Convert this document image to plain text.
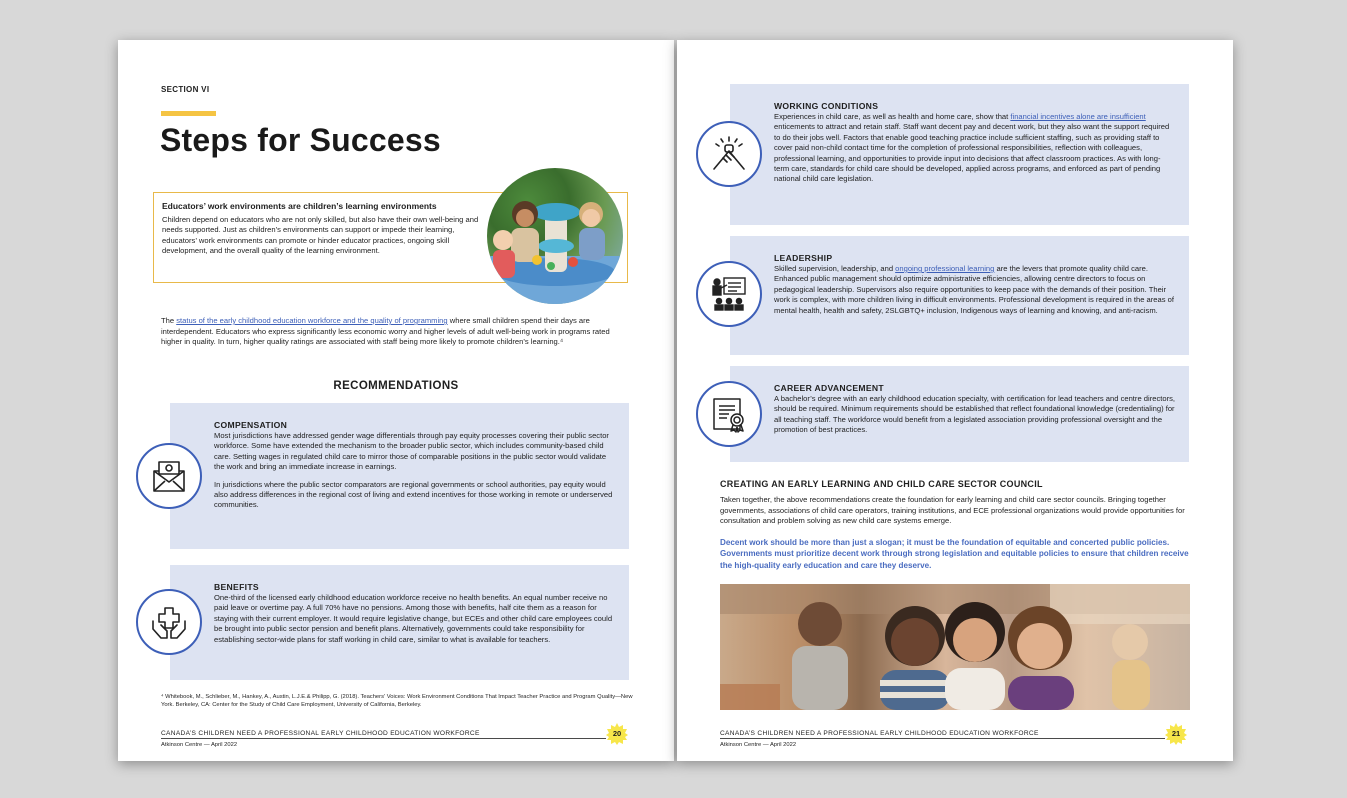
SECTION VI
Steps for Success
Educators’ work environments are children’s learning environments
Children depend on educators who are not only skilled, but also have their own well-being and needs supported. Just as children’s environments can support or impede their learning, educators’ work environments can promote or hinder educator practices, ongoing skill development, and the overall quality of the learning environment.
The status of the early childhood education workforce and the quality of programming where small children spend their days are interdependent. Educators who express significantly less economic worry and higher levels of adult well-being work in programs rated higher in quality. In turn, higher quality ratings are associated with staff being more likely to promote children’s learning.⁴
RECOMMENDATIONS
COMPENSATION
Most jurisdictions have addressed gender wage differentials through pay equity processes covering their public sector workforce. Some have extended the mechanism to the broader public sector, which includes community-based child care. Setting wages in regulated child care to mirror those of comparable positions in the public sector would validate the work and bring an immediate increase in earnings.
In jurisdictions where the public sector comparators are regional governments or school authorities, pay equity would also address differences in the regional cost of living and extend incentives for those working in remote or underserved communities.
BENEFITS
One-third of the licensed early childhood education workforce receive no health benefits. An equal number receive no paid leave or overtime pay. A full 70% have no pensions. Among those with benefits, half cite them as a reason for staying with their current employer. It would require legislative change, but ECEs and other child care employees could be brought into public sector pension and benefit plans. Alternatively, governments could take responsibility for establishing sector-wide plans for staff working in child care, similar to what is available for teachers.
⁴ Whitebook, M., Schlieber, M., Hankey, A., Austin, L.J.E.& Philipp, G. (2018). Teachers' Voices: Work Environment Conditions That Impact Teacher Practice and Program Quality—New York. Berkeley, CA: Center for the Study of Child Care Employment, University of California, Berkeley.
CANADA’S CHILDREN NEED A PROFESSIONAL EARLY CHILDHOOD EDUCATION WORKFORCE
Atkinson Centre — April 2022
20
WORKING CONDITIONS
Experiences in child care, as well as health and home care, show that financial incentives alone are insufficient enticements to attract and retain staff. Staff want decent pay and decent work, but they also want the support required to do their jobs well. Factors that enable good teaching practice include sufficient staffing, such as providing staff to cover paid non-child contact time for the completion of professional responsibilities, reflection with colleagues, professional learning, and opportunities to provide input into decisions that affect classroom practices. As with long-term care, standards for child care should be developed, applied across programs, and enforced as part of pending national child care legislation.
LEADERSHIP
Skilled supervision, leadership, and ongoing professional learning are the levers that promote quality child care. Enhanced public management should optimize administrative efficiencies, allowing centre directors to focus on pedagogical leadership. Supervisors also require opportunities to keep pace with the demands of their position. Their work is complex, with more children living in difficult environments. Professional development is required in the areas of mental health, health and safety, 2SLGBTQ+ inclusion, Indigenous ways of learning and knowing, and anti-racism.
CAREER ADVANCEMENT
A bachelor’s degree with an early childhood education specialty, with certification for lead teachers and centre directors, should be required. Minimum requirements should be established that reflect foundational knowledge (credentialing) for all teaching staff. The workforce would benefit from a legislated association providing professional oversight and the promotion of best practices.
CREATING AN EARLY LEARNING AND CHILD CARE SECTOR COUNCIL
Taken together, the above recommendations create the foundation for early learning and child care sector councils. Bringing together governments, associations of child care operators, training institutions, and ECE professional organizations would provide opportunities for consultation and problem solving as new child care systems emerge.
Decent work should be more than just a slogan; it must be the foundation of equitable and concerted public policies. Governments must prioritize decent work through strong legislation and equitable policies to ensure that children receive the high-quality early education and care they deserve.
CANADA’S CHILDREN NEED A PROFESSIONAL EARLY CHILDHOOD EDUCATION WORKFORCE
Atkinson Centre — April 2022
21
